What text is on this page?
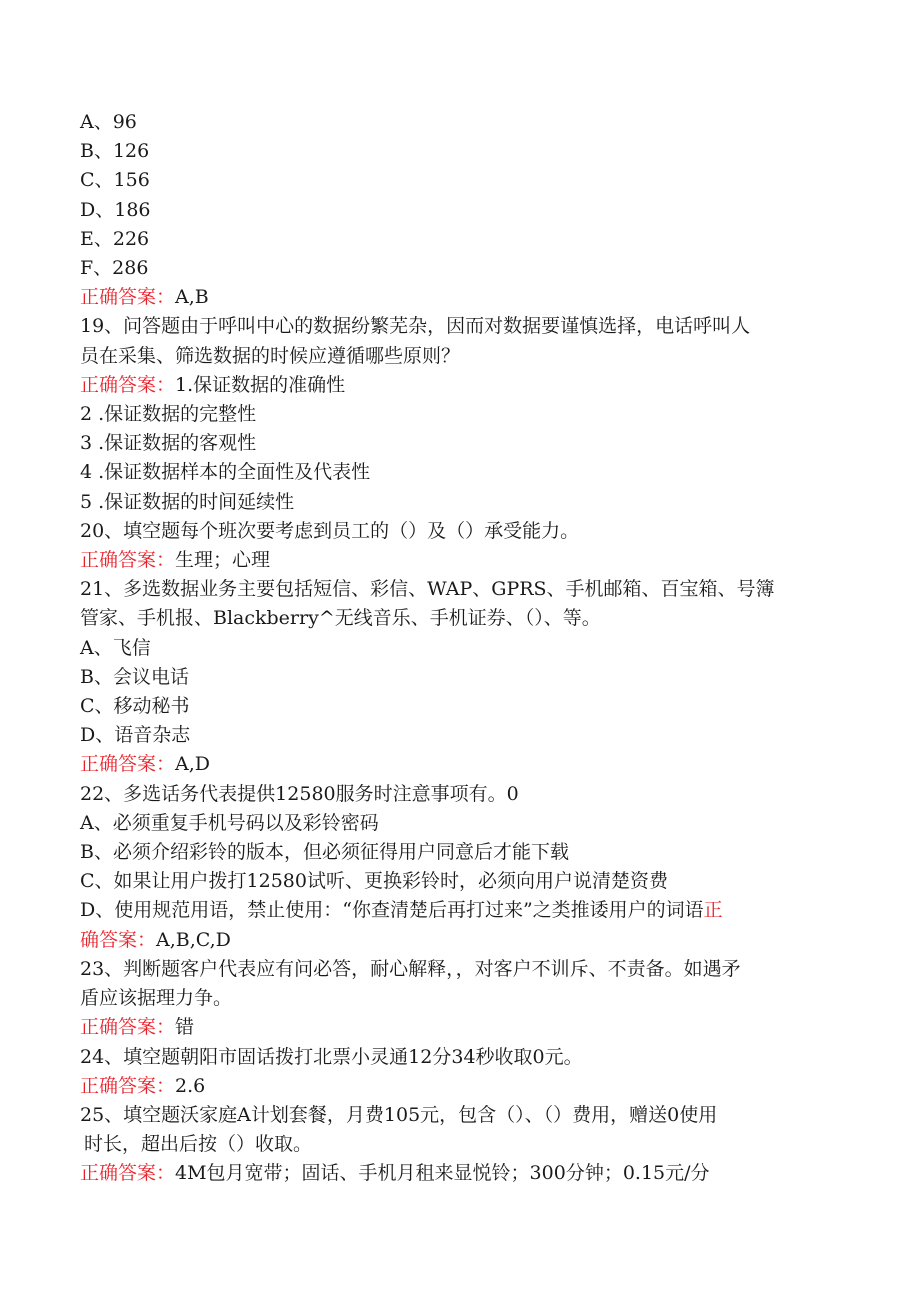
A、96
B、126
C、156
D、186
E、226
F、286
正确答案：A,B
19、问答题由于呼叫中心的数据纷繁芜杂，因而对数据要谨慎选择，电话呼叫人
员在采集、筛选数据的时候应遵循哪些原则？
正确答案：1.保证数据的准确性
2 .保证数据的完整性
3 .保证数据的客观性
4 .保证数据样本的全面性及代表性
5 .保证数据的时间延续性
20、填空题每个班次要考虑到员工的（）及（）承受能力。
正确答案：生理；心理
21、多选数据业务主要包括短信、彩信、WAP、GPRS、手机邮箱、百宝箱、号簿
管家、手机报、Blackberry^无线音乐、手机证券、（）、等。
A、飞信
B、会议电话
C、移动秘书
D、语音杂志
正确答案：A,D
22、多选话务代表提供12580服务时注意事项有。0
A、必须重复手机号码以及彩铃密码
B、必须介绍彩铃的版本，但必须征得用户同意后才能下载
C、如果让用户拨打12580试听、更换彩铃时，必须向用户说清楚资费
D、使用规范用语，禁止使用：“你查清楚后再打过来”之类推诿用户的词语正
确答案：A,B,C,D
23、判断题客户代表应有问必答，耐心解释，，对客户不训斥、不责备。如遇矛
盾应该据理力争。
正确答案：错
24、填空题朝阳市固话拨打北票小灵通12分34秒收取0元。
正确答案：2.6
25、填空题沃家庭A计划套餐，月费105元，包含（）、（）费用，赠送0使用
时长，超出后按（）收取。
正确答案：4M包月宽带；固话、手机月租来显悦铃；300分钟；0.15元/分
